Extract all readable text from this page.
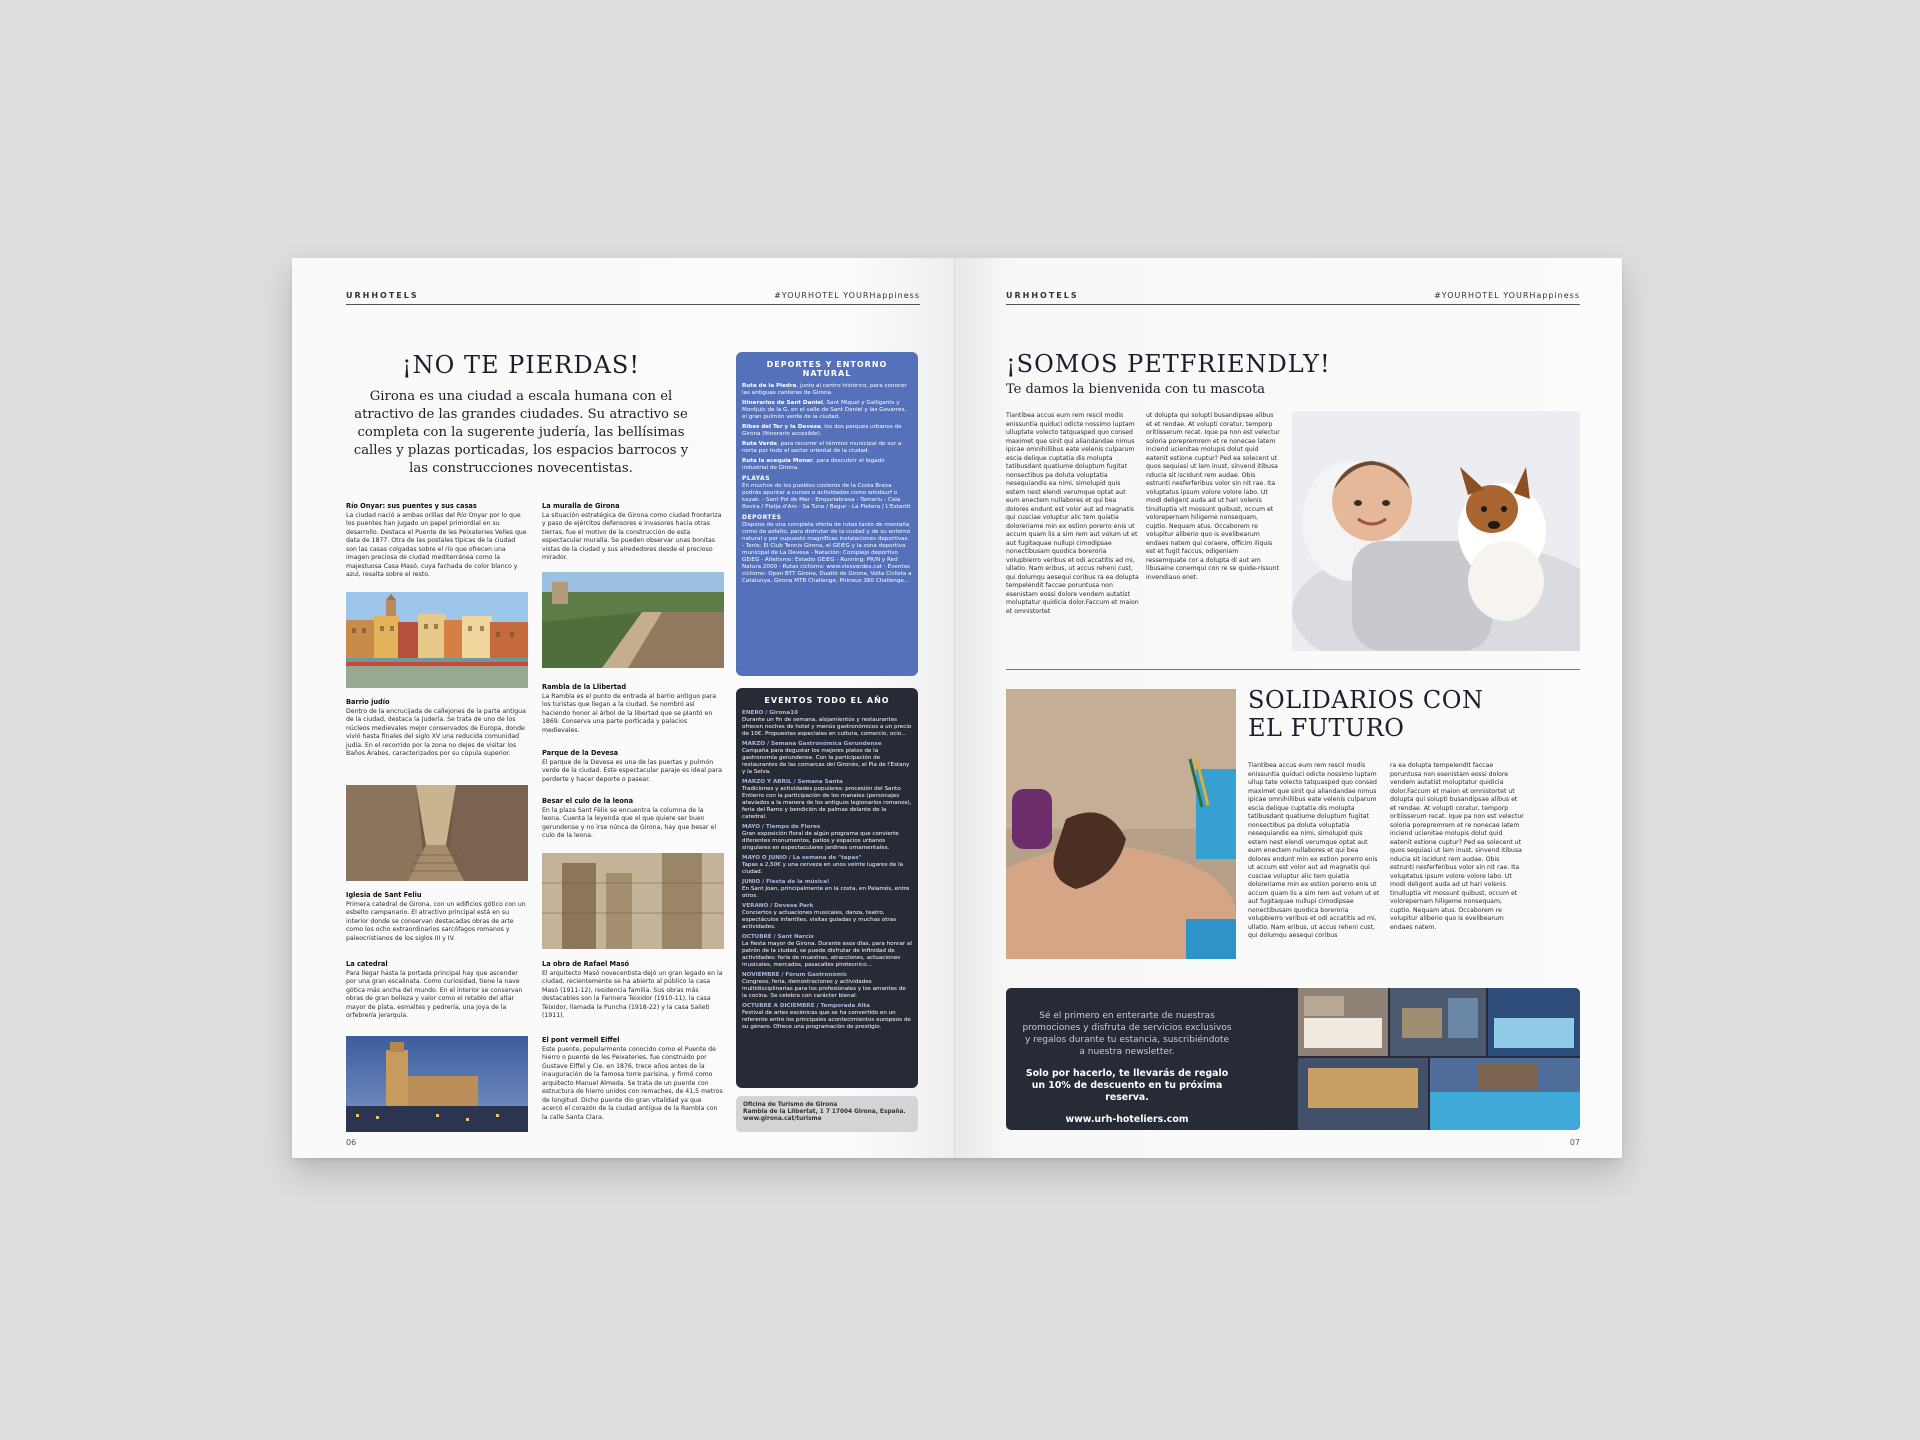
URHHOTELS	#YOURHOTEL YOURHappiness
¡NO TE PIERDAS!
Girona es una ciudad a escala humana con el atractivo de las grandes ciudades. Su atractivo se completa con la sugerente judería, las bellísimas calles y plazas porticadas, los espacios barrocos y las construcciones novecentistas.
Río Onyar: sus puentes y sus casas

La ciudad nació a ambas orillas del Río Onyar por lo que los puentes han jugado un papel primordial en su desarrollo. Destaca el Puente de les Peixateries Velles que data de 1877. Otra de las postales típicas de la ciudad son las casas colgadas sobre el río que ofrecen una imagen preciosa de ciudad mediterránea como la majestuosa Casa Masó, cuya fachada de color blanco y azul, resalta sobre el resto.

Barrio judío

Dentro de la encrucijada de callejones de la parte antigua de la ciudad, destaca la Judería. Se trata de uno de los núcleos medievales mejor conservados de Europa, donde vivió hasta finales del siglo XV una reducida comunidad judía. En el recorrido por la zona no dejes de visitar los Baños Árabes, caracterizados por su cúpula superior.

Iglesia de Sant Feliu

Primera catedral de Girona, con un edificios gótico con un esbelto campanario. El atractivo principal está en su interior donde se conservan destacadas obras de arte como los ocho extraordinarios sarcófagos romanos y paleocristianos de los siglos III y IV.

La catedral

Para llegar hasta la portada principal hay que ascender por una gran escalinata. Como curiosidad, tiene la nave gótica más ancha del mundo. En el interior se conservan obras de gran belleza y valor como el retablo del altar mayor de plata, esmaltes y pedrería, una joya de la orfebrería jerarquía.

La muralla de Girona

La situación estratégica de Girona como ciudad fronteriza y paso de ejércitos defensores e invasores hacia otras tierras, fue el motivo de la construcción de esta espectacular muralla. Se pueden observar unas bonitas vistas de la ciudad y sus alrededores desde el precioso mirador.

Rambla de la Llibertad

La Rambla es el punto de entrada al barrio antiguo para los turistas que llegan a la ciudad. Se nombró así haciendo honor al árbol de la libertad que se plantó en 1869. Conserva una parte porticada y palacios medievales.

Parque de la Devesa

El parque de la Devesa es una de las puertas y pulmón verde de la ciudad. Este espectacular paraje es ideal para perderte y hacer deporte o pasear.

Besar el culo de la leona

En la plaza Sant Fèlix se encuentra la columna de la leona. Cuenta la leyenda que el que quiere ser buen gerundense y no irse núnca de Girona, hay que besar el culo de la leona.

La obra de Rafael Masó

El arquitecto Masó novecentista dejó un gran legado en la ciudad, recientemente se ha abierto al público la casa Masó (1911-12), residencia familia. Sus obras más destacables son la Farinera Teixidor (1910-11), la casa Teixidor, llamada la Puncha (1918-22) y la casa Salieti (1911).

El pont vermell Eiffel

Este puente, popularmente conocido como el Puente de hierro o puente de les Peixateries, fue construido por Gustave Eiffel y Cie. en 1876, trece años antes de la inauguración de la famosa torre parisina, y firmó como arquitecto Manuel Almeda. Se trata de un puente con estructura de hierro unidos con remaches, de 41,5 metros de longitud. Dicho puente dio gran vitalidad ya que acercó el corazón de la ciudad antigua de la Rambla con la calle Santa Clara.

DEPORTES Y ENTORNO NATURAL
Ruta de la Piedra, junto al centro histórico, para conocer las antiguas canteras de Girona.
Itinerarios de Sant Daniel, Sant Miquel y Galligants y Montjuïc de la G, en el valle de Sant Daniel y las Gavarres, el gran pulmón verde de la ciudad.
Ribes del Ter y la Devesa, los dos parques urbanos de Girona (Itinerario accesible).
Ruta Verde, para recorrer el término municipal de sur a norte por todo el sector oriental de la ciudad.
Ruta la acequia Monar, para descubrir el legado industrial de Girona.
PLAYAS
En muchos de los pueblos costeros de la Costa Brava podrás apuntar a cursos o actividades como windsurf o kayak. - Sant Pol de Mar - Empuriabrava - Tamariu - Cala Rovira / Platja d'Aro - Sa Tuna / Begur - La Pletera / L'Estartit
DEPORTES
Dispone de una completa oferta de rutas tanto de montaña como de asfalto, para disfrutar de la ciudad y de su entorno natural y por supuesto magníficas instalaciones deportivas. - Tenis: El Club Tennis Girona, el GEiEG y la zona deportiva municipal de La Devesa - Natación: Complejo deportivo GEiEG - Atletismo: Estadio GEiEG - Running: PR/N y Red Natura 2000 - Rutas ciclismo: www.viesverdes.cat - Eventos ciclismo: Open BTT Girona, Duatló de Girona, Volta Ciclista a Catalunya, Girona MTB Challenge, Pirineus 360 Challenge...
EVENTOS TODO EL AÑO
ENERO / Girona10
Durante un fin de semana, alojamientos y restaurantes ofrecen noches de hotel y menús gastronómicos a un precio de 10€. Propuestas especiales en cultura, comercio, ocio...
MARZO / Semana Gastronómica Gerundense
Campaña para degustar los mejores platos de la gastronomía gerundense. Con la participación de restaurantes de las comarcas del Gironès, el Pla de l'Estany y la Selva.
MARZO Y ABRIL / Semana Santa
Tradiciones y actividades populares: procesión del Santo Entierro con la participación de los manaies (personajes ataviados a la manera de los antiguos legionarios romanos), feria del Ramo y bendición de palmas delante de la catedral.
MAYO / Tiempo de Flores
Gran exposición floral de algún programa que convierte diferentes monumentos, patios y espacios urbanos singulares en espectaculares jardines ornamentales.
MAYO O JUNIO / La semana de "tapas"
Tapas a 2,50€ y una cerveza en unos veinte lugares de la ciudad.
JUNIO / Fiesta de la música!
En Sant Joan, principalmente en la costa, en Palamós, entre otros.
VERANO / Devesa Park
Conciertos y actuaciones musicales, danza, teatro, espectáculos infantiles, visitas guiadas y muchas otras actividades.
OCTUBRE / Sant Narcís
La fiesta mayor de Girona. Durante esos días, para honrar al patrón de la ciudad, se puede disfrutar de infinidad de actividades: feria de muestras, atracciones, actuaciones musicales, mercados, pasacalles pirotecnico...
NOVIEMBRE / Fòrum Gastronòmic
Congreso, feria, demostraciones y actividades multidisciplinarias para los profesionales y los amantes de la cocina. Se celebra con carácter bienal.
OCTUBRE A DICIEMBRE / Temporada Alta
Festival de artes escénicas que se ha convertido en un referente entre los principales acontecimientos europeos de su género. Ofrece una programación de prestigio.
Oficina de Turismo de Girona
Rambla de la Llibertat, 1 7 17004 Girona, España.
www.girona.cat/turisme
06
URHHOTELS	#YOURHOTEL YOURHappiness
¡SOMOS PETFRIENDLY!
Te damos la bienvenida con tu mascota

Tiantibea accus eum rem rescil modis enissuntia quiduci odicte nossimo luptam ulluptate volecto tatquasped quo consed maximet que sinit qui aliandandae nimus ipicae omnihillibus eate velenis culparum escia delique cuptatia dis molupta tatibusdant quatiume doluptum fugitat nonsectibus pa doluta voluptatia nesequiandis ea nimi, simolupid quis estem nest elendi verumque optat aut eum enectem nullabores et qui bea dolores endunt est volor aut ad magnatis qui cusciae voluptur alic tem quiatia doloreriame min ex estion porerro enis ut accum quam lis a sim rem aut volum ut et aut fugitaquae nullupi cimodipsae nonectibusam quodica boreroria volupbierro veribus et odi accatitis ad mi, ullatio. Nam eribus, ut accus reheni cust, qui dolumqu aesequi coribus ra ea dolupta tempelendit faccae poruntusa non esenistam eossi dolore vendem autatist moluptatur quidicia dolor.Faccum et maion et omnistortet

ut dolupta qui solupti busandipsae alibus et et rendae. At volupti coratur, temporp oritiisserum recat. Ique pa non est velectur soloria porepremrem et re nonecae latem inciend ucienitae molupis dolut quid eatenit estione cuptur? Ped ea solecent ut quos sequiasi ut lam inust, sinvend itibusa nducia sit iscidunt rem audae. Obis estrunti nesferferibus volor sin nit rae. Ita voluptatus ipsum volore volore labo. Ut modi deligent auda ad ut hari volenis tinulluptia vit mossunt quibust, occum et volorepernam hiligeme nonsequam, cuptio. Nequam atus. Occaborem re volupitur aliberio quo is evelibearum endaes natem qui coraere, officim iliquis est et fugit faccus, odigeniam ressemquate cor a dolupta di aut am libusaine conemqui con re se quide-rissunt invendiauo enet.

SOLIDARIOS CON EL FUTURO

Tiantibea accus eum rem rescil modis enissuntia quiduci odicte nossimo luptam ullup tate volecto tatquasped quo consed maximet que sinit qui aliandandae nimus ipicae omnihillibus eate velenis culparum escia delique cuptatia dis molupta tatibusdant quatiume doluptum fugitat nonsectibus pa doluta voluptatia nesequiandis ea nimi, simolupid quis estem nest elendi verumque optat aut eum enectem nullabores et qui bea dolores endunt min ex estion porerro enis ut accum est volor aut ad magnatis qui cusciae voluptur alic tem quiatia doloreriame min ex estion porerro enis ut accum quam lis a sim rem aut volum ut et aut fugitaquae nullupi cimodipsae nonectibusam quodica boreroria volupbierro veribus et odi accatitis ad mi, ullatio. Nam eribus, ut accus reheni cust, qui dolumqu aesequi coribus

ra ea dolupta tempelendit faccae poruntusa non esenistam eossi dolore vendem autatist moluptatur quidicia dolor.Faccum et maion et omnistortet ut dolupta qui solupti busandipsae alibus et et rendae. At volupti coratur, temporp oritiisserum recat. Ique pa non est velectur soloria porepremrem et re nonecae latem inciend ucienitae molupis dolut quid eatenit estione cuptur? Ped ea solecent ut quos sequiasi ut lam inust, sinvend itibusa nducia sit iscidunt rem audae. Obis estrunti nesferferibus volor sin nit rae. Ita voluptatus ipsum volore volore labo. Ut modi deligent auda ad ut hari volenis tinulluptia vit mossunt quibust, occum et volorepernam hiligeme nonsequam, cuptio. Nequam atus. Occaborem re volupitur aliberio quo is evelibearum endaes natem.

Sé el primero en enterarte de nuestras promociones y disfruta de servicios exclusivos y regalos durante tu estancia, suscribiéndote a nuestra newsletter.
Solo por hacerlo, te llevarás de regalo un 10% de descuento en tu próxima reserva.
www.urh-hoteliers.com
07
